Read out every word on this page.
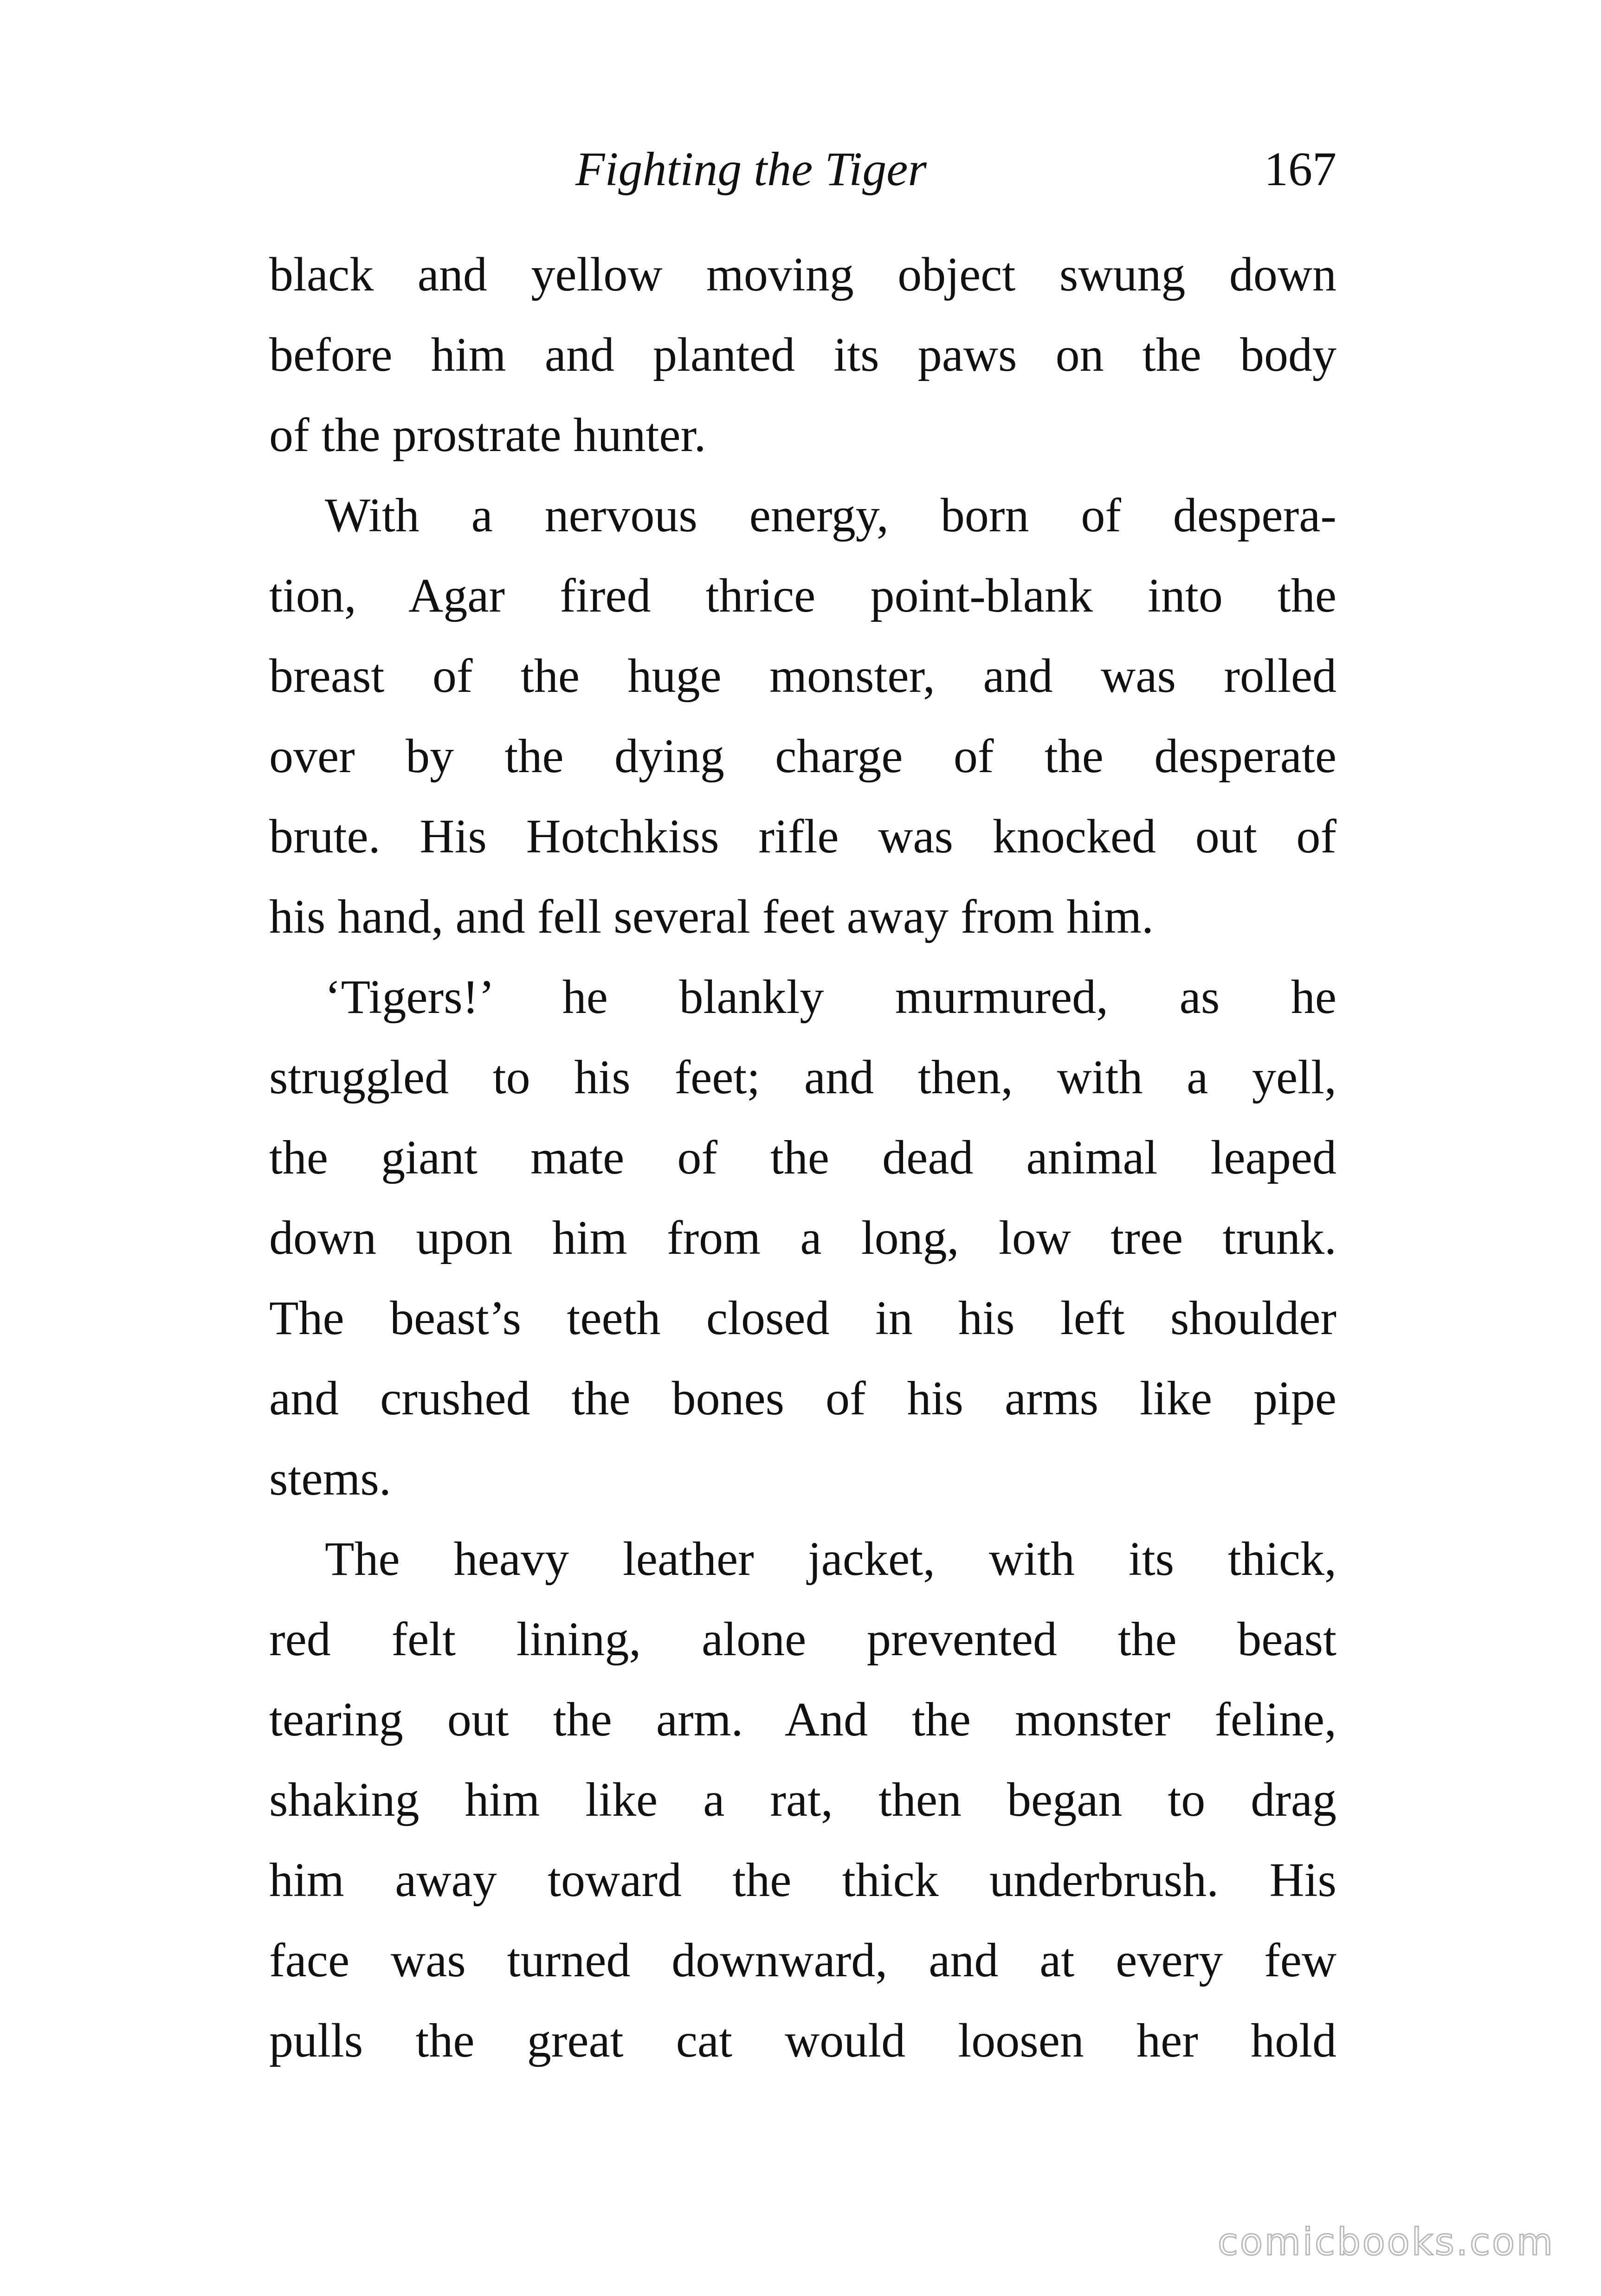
Fighting the Tiger	167
black and yellow moving object swung down
before him and planted its paws on the body
of the prostrate hunter.
With a nervous energy, born of despera-
tion, Agar fired thrice point-blank into the
breast of the huge monster, and was rolled
over by the dying charge of the desperate
brute. His Hotchkiss rifle was knocked out of
his hand, and fell several feet away from him.
‘Tigers!’ he blankly murmured, as he
struggled to his feet; and then, with a yell,
the giant mate of the dead animal leaped
down upon him from a long, low tree trunk.
The beast’s teeth closed in his left shoulder
and crushed the bones of his arms like pipe
stems.
The heavy leather jacket, with its thick,
red felt lining, alone prevented the beast
tearing out the arm. And the monster feline,
shaking him like a rat, then began to drag
him away toward the thick underbrush. His
face was turned downward, and at every few
pulls the great cat would loosen her hold
comicbooks.com
